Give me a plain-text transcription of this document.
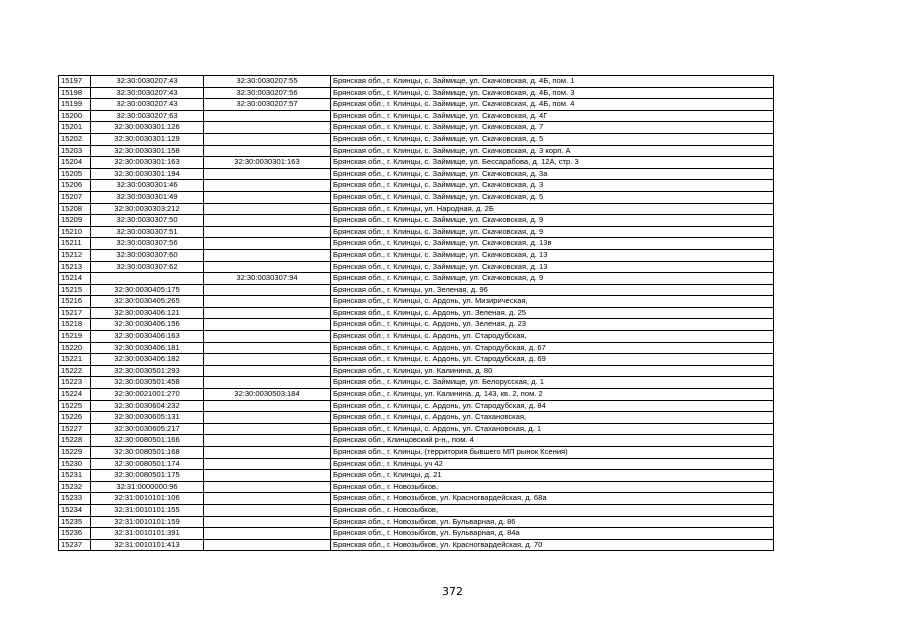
15197	32:30:0030207:43	32:30:0030207:55	Брянская обл., г. Клинцы, с. Займище, ул. Скачковская, д. 4Б, пом. 1
15198	32:30:0030207:43	32:30:0030207:56	Брянская обл., г. Клинцы, с. Займище, ул. Скачковская, д. 4Б, пом. 3
15199	32:30:0030207:43	32:30:0030207:57	Брянская обл., г. Клинцы, с. Займище, ул. Скачковская, д. 4Б, пом. 4
15200	32:30:0030207:63		Брянская обл., г. Клинцы, с. Займище, ул. Скачковская, д. 4Г
15201	32:30:0030301:126		Брянская обл., г. Клинцы, с. Займище, ул. Скачковская, д. 7
15202	32:30:0030301:129		Брянская обл., г. Клинцы, с. Займище, ул. Скачковская, д. 5
15203	32:30:0030301:158		Брянская обл., г. Клинцы, с. Займище, ул. Скачковская, д. 3 корп. А
15204	32:30:0030301:163	32:30:0030301:163	Брянская обл., г. Клинцы, с. Займище, ул. Бессарабова, д. 12А, стр. 3
15205	32:30:0030301:194		Брянская обл., г. Клинцы, с. Займище, ул. Скачковская, д. 3а
15206	32:30:0030301:46		Брянская обл., г. Клинцы, с. Займище, ул. Скачковская, д. 3
15207	32:30:0030301:49		Брянская обл., г. Клинцы, с. Займище, ул. Скачковская, д. 5
15208	32:30:0030303:212		Брянская обл., г. Клинцы, ул. Народная, д. 2Б
15209	32:30:0030307:50		Брянская обл., г. Клинцы, с. Займище, ул. Скачковская, д. 9
15210	32:30:0030307:51		Брянская обл., г. Клинцы, с. Займище, ул. Скачковская, д. 9
15211	32:30:0030307:56		Брянская обл., г. Клинцы, с. Займище, ул. Скачковская, д. 13в
15212	32:30:0030307:60		Брянская обл., г. Клинцы, с. Займище, ул. Скачковская, д. 13
15213	32:30:0030307:62		Брянская обл., г. Клинцы, с. Займище, ул. Скачковская, д. 13
15214		32:30:0030307:94	Брянская обл., г. Клинцы, с. Займище, ул. Скачковская, д. 9
15215	32:30:0030405:175		Брянская обл., г. Клинцы, ул. Зеленая, д. 96
15216	32:30:0030405:265		Брянская обл., г. Клинцы, с. Ардонь, ул. Мизирическая,
15217	32:30:0030406:121		Брянская обл., г. Клинцы, с. Ардонь, ул. Зеленая, д. 25
15218	32:30:0030406:156		Брянская обл., г. Клинцы, с. Ардонь, ул. Зеленая, д. 23
15219	32:30:0030406:163		Брянская обл., г. Клинцы, с. Ардонь, ул. Стародубская,
15220	32:30:0030406:181		Брянская обл., г. Клинцы, с. Ардонь, ул. Стародубская, д. 67
15221	32:30:0030406:182		Брянская обл., г. Клинцы, с. Ардонь, ул. Стародубская, д. 69
15222	32:30:0030501:293		Брянская обл., г. Клинцы, ул. Калинина, д. 80
15223	32:30:0030501:458		Брянская обл., г. Клинцы, с. Займище, ул. Белорусская, д. 1
15224	32:30:0021001:270	32:30:0030503:184	Брянская обл., г. Клинцы, ул. Калинина, д. 143, кв. 2, пом. 2
15225	32:30:0030604:232		Брянская обл., г. Клинцы, с. Ардонь, ул. Стародубская, д. 84
15226	32:30:0030605:131		Брянская обл., г. Клинцы, с. Ардонь, ул. Стахановская,
15227	32:30:0030605:217		Брянская обл., г. Клинцы, с. Ардонь, ул. Стахановская, д. 1
15228	32:30:0080501:166		Брянская обл., Клинцовский р-н,, пом. 4
15229	32:30:0080501:168		Брянская обл., г. Клинцы, (территория бывшего МП рынок Ксения)
15230	32:30:0080501:174		Брянская обл., г. Клинцы, уч 42
15231	32:30:0080501:175		Брянская обл., г. Клинцы, д. 21
15232	32:31:0000000:96		Брянская обл., г. Новозыбков,
15233	32:31:0010101:106		Брянская обл., г. Новозыбков, ул. Красногвардейская, д. 68а
15234	32:31:0010101:155		Брянская обл., г. Новозыбков,
15235	32:31:0010101:159		Брянская обл., г. Новозыбков, ул. Бульварная, д. 86
15236	32:31:0010101:391		Брянская обл., г. Новозыбков, ул. Бульварная, д. 84а
15237	32:31:0010101:413		Брянская обл., г. Новозыбков, ул. Красногвардейская, д. 70
372
